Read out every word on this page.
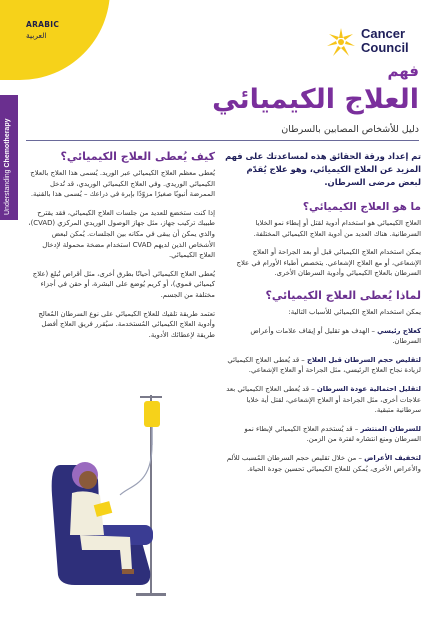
ARABIC
العربية	Cancer
Council
Understanding Chemotherapy
فهم
العلاج الكيميائي
دليل للأشخاص المصابين بالسرطان
تم إعداد ورقة الحقائق هذه لمساعدتك على فهم المزيد عن العلاج الكيميائي، وهو علاج يُقدّم لبعض مرضى السرطان.
ما هو العلاج الكيميائي؟

العلاج الكيميائي هو استخدام أدوية لقتل أو إبطاء نمو الخلايا السرطانية. هناك العديد من أدوية العلاج الكيميائي المختلفة.

يمكن استخدام العلاج الكيميائي قبل أو بعد الجراحة أو العلاج الإشعاعي، أو مع العلاج الإشعاعي. يتخصص أطباء الأورام في علاج السرطان بالعلاج الكيميائي وأدوية السرطان الأخرى.

لماذا يُعطى العلاج الكيميائي؟

يمكن استخدام العلاج الكيميائي للأسباب التالية:

كعلاج رئيسي – الهدف هو تقليل أو إيقاف علامات وأعراض السرطان.
لتقليص حجم السرطان قبل العلاج – قد يُعطى العلاج الكيميائي لزيادة نجاح العلاج الرئيسي، مثل الجراحة أو العلاج الإشعاعي.
لتقليل احتمالية عودة السرطان – قد يُعطى العلاج الكيميائي بعد علاجات أخرى، مثل الجراحة أو العلاج الإشعاعي، لقتل أية خلايا سرطانية متبقية.
للسرطان المنتشر – قد يُستخدم العلاج الكيميائي لإبطاء نمو السرطان ومنع انتشاره لفترة من الزمن.
لتخفيف الأعراض – من خلال تقليص حجم السرطان المُسبب للألم والأعراض الأخرى، يُمكن للعلاج الكيميائي تحسين جودة الحياة.
كيف يُعطى العلاج الكيميائي؟

يُعطى معظم العلاج الكيميائي عبر الوريد. يُسمى هذا العلاج بالعلاج الكيميائي الوريدي. وفي العلاج الكيميائي الوريدي، قد تُدخل الممرضة أنبوبًا صغيرًا مزوّدًا بإبرة في ذراعك – يُسمى هذا بالقنية.

إذا كنت ستخضع للعديد من جلسات العلاج الكيميائي، فقد يقترح طبيبك تركيب جهاز، مثل جهاز الوصول الوريدي المركزي (CVAD)، والذي يمكن أن يبقى في مكانه بين الجلسات. يُمكن لبعض الأشخاص الذين لديهم CVAD استخدام مضخة محمولة لإدخال العلاج الكيميائي.

يُعطى العلاج الكيميائي أحيانًا بطرق أخرى، مثل أقراص تُبلع (علاج كيميائي فموي)، أو كريم يُوضع على البشرة، أو حقن في أجزاء مختلفة من الجسم.

تعتمد طريقة تلقيك للعلاج الكيميائي على نوع السرطان المُعالج وأدوية العلاج الكيميائي المُستخدمة. سيُقرر فريق العلاج أفضل طريقة لإعطائك الأدوية.
